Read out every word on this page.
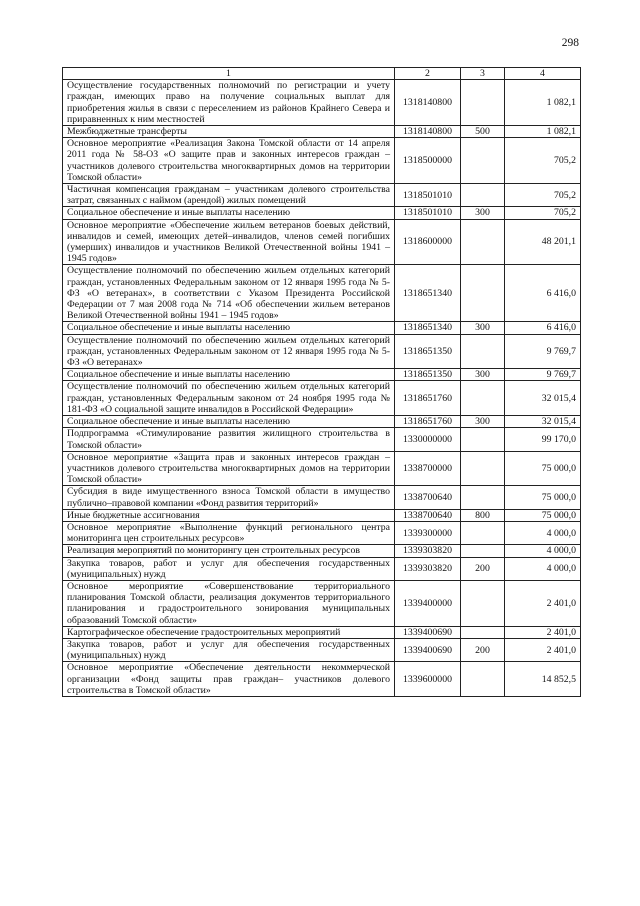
298
1	2	3	4
Осуществление государственных полномочий по регистрации и учету граждан, имеющих право на получение социальных выплат для приобретения жилья в связи с переселением из районов Крайнего Севера и приравненных к ним местностей	1318140800		1 082,1
Межбюджетные трансферты	1318140800	500	1 082,1
Основное мероприятие «Реализация Закона Томской области от 14 апреля 2011 года № 58-ОЗ «О защите прав и законных интересов граждан – участников долевого строительства многоквартирных домов на территории Томской области»	1318500000		705,2
Частичная компенсация гражданам – участникам долевого строительства затрат, связанных с наймом (арендой) жилых помещений	1318501010		705,2
Социальное обеспечение и иные выплаты населению	1318501010	300	705,2
Основное мероприятие «Обеспечение жильем ветеранов боевых действий, инвалидов и семей, имеющих детей–инвалидов, членов семей погибших (умерших) инвалидов и участников Великой Отечественной войны 1941 – 1945 годов»	1318600000		48 201,1
Осуществление полномочий по обеспечению жильем отдельных категорий граждан, установленных Федеральным законом от 12 января 1995 года № 5-ФЗ «О ветеранах», в соответствии с Указом Президента Российской Федерации от 7 мая 2008 года № 714 «Об обеспечении жильем ветеранов Великой Отечественной войны 1941 – 1945 годов»	1318651340		6 416,0
Социальное обеспечение и иные выплаты населению	1318651340	300	6 416,0
Осуществление полномочий по обеспечению жильем отдельных категорий граждан, установленных Федеральным законом от 12 января 1995 года № 5-ФЗ «О ветеранах»	1318651350		9 769,7
Социальное обеспечение и иные выплаты населению	1318651350	300	9 769,7
Осуществление полномочий по обеспечению жильем отдельных категорий граждан, установленных Федеральным законом от 24 ноября 1995 года № 181-ФЗ «О социальной защите инвалидов в Российской Федерации»	1318651760		32 015,4
Социальное обеспечение и иные выплаты населению	1318651760	300	32 015,4
Подпрограмма «Стимулирование развития жилищного строительства в Томской области»	1330000000		99 170,0
Основное мероприятие «Защита прав и законных интересов граждан – участников долевого строительства многоквартирных домов на территории Томской области»	1338700000		75 000,0
Субсидия в виде имущественного взноса Томской области в имущество публично–правовой компании «Фонд развития территорий»	1338700640		75 000,0
Иные бюджетные ассигнования	1338700640	800	75 000,0
Основное мероприятие «Выполнение функций регионального центра мониторинга цен строительных ресурсов»	1339300000		4 000,0
Реализация мероприятий по мониторингу цен строительных ресурсов	1339303820		4 000,0
Закупка товаров, работ и услуг для обеспечения государственных (муниципальных) нужд	1339303820	200	4 000,0
Основное мероприятие «Совершенствование территориального планирования Томской области, реализация документов территориального планирования и градостроительного зонирования муниципальных образований Томской области»	1339400000		2 401,0
Картографическое обеспечение градостроительных мероприятий	1339400690		2 401,0
Закупка товаров, работ и услуг для обеспечения государственных (муниципальных) нужд	1339400690	200	2 401,0
Основное мероприятие «Обеспечение деятельности некоммерческой организации «Фонд защиты прав граждан– участников долевого строительства в Томской области»	1339600000		14 852,5
